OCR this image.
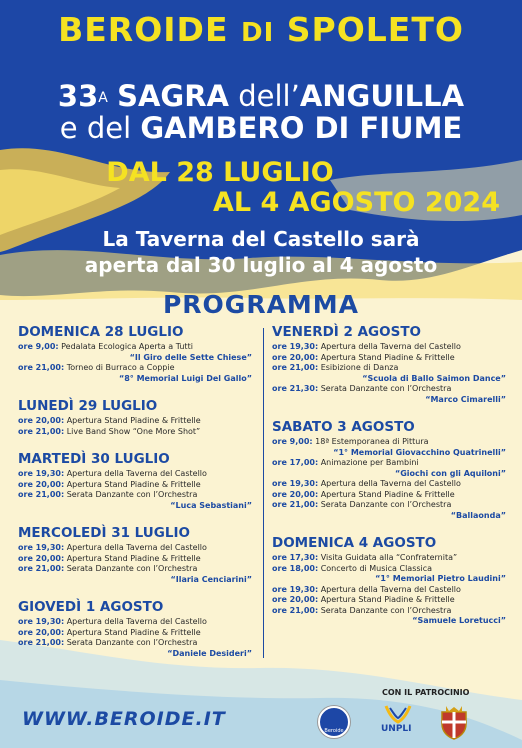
BEROIDE DI SPOLETO
$33^A$ SAGRA dell’ANGUILLA
e del GAMBERO DI FIUME
DAL 28 LUGLIO
AL 4 AGOSTO 2024
La Taverna del Castello sarà
aperta dal 30 luglio al 4 agosto
PROGRAMMA
DOMENICA 28 LUGLIO
ore 9,00: Pedalata Ecologica Aperta a Tutti
“Il Giro delle Sette Chiese”
ore 21,00: Torneo di Burraco a Coppie
“8° Memorial Luigi Del Gallo”
LUNEDÌ 29 LUGLIO
ore 20,00: Apertura Stand Piadine & Frittelle
ore 21,00: Live Band Show “One More Shot”
MARTEDÌ 30 LUGLIO
ore 19,30: Apertura della Taverna del Castello
ore 20,00: Apertura Stand Piadine & Frittelle
ore 21,00: Serata Danzante con l’Orchestra
“Luca Sebastiani”
MERCOLEDÌ 31 LUGLIO
ore 19,30: Apertura della Taverna del Castello
ore 20,00: Apertura Stand Piadine & Frittelle
ore 21,00: Serata Danzante con l’Orchestra
“Ilaria Cenciarini”
GIOVEDÌ 1 AGOSTO
ore 19,30: Apertura della Taverna del Castello
ore 20,00: Apertura Stand Piadine & Frittelle
ore 21,00: Serata Danzante con l’Orchestra
“Daniele Desideri”
VENERDÌ 2 AGOSTO
ore 19,30: Apertura della Taverna del Castello
ore 20,00: Apertura Stand Piadine & Frittelle
ore 21,00: Esibizione di Danza
“Scuola di Ballo Saimon Dance”
ore 21,30: Serata Danzante con l’Orchestra
“Marco Cimarelli”
SABATO 3 AGOSTO
ore 9,00: 18ª Estemporanea di Pittura
“1° Memorial Giovacchino Quatrinelli”
ore 17,00: Animazione per Bambini
“Giochi con gli Aquiloni”
ore 19,30: Apertura della Taverna del Castello
ore 20,00: Apertura Stand Piadine & Frittelle
ore 21,00: Serata Danzante con l’Orchestra
“Ballaonda”
DOMENICA 4 AGOSTO
ore 17,30: Visita Guidata alla “Confraternita”
ore 18,00: Concerto di Musica Classica
“1° Memorial Pietro Laudini”
ore 19,30: Apertura della Taverna del Castello
ore 20,00: Apertura Stand Piadine & Frittelle
ore 21,00: Serata Danzante con l’Orchestra
“Samuele Loretucci”
WWW.BEROIDE.IT
CON IL PATROCINIO
Beroide	UNPLI
